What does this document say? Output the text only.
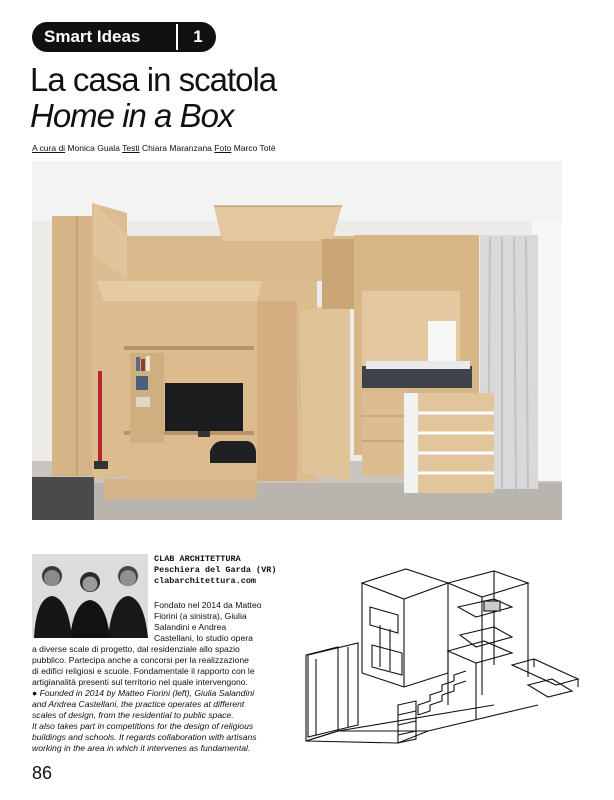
Smart Ideas	1
La casa in scatola
Home in a Box
A cura di Monica Guala Testi Chiara Maranzana Foto Marco Totè
CLAB ARCHITETTURA
Peschiera del Garda (VR)
clabarchitettura.com
Fondato nel 2014 da Matteo
Fiorini (a sinistra), Giulia
Salandini e Andrea
Castellani, lo studio opera
a diverse scale di progetto, dal residenziale allo spazio
pubblico. Partecipa anche a concorsi per la realizzazione
di edifici religiosi e scuole. Fondamentale il rapporto con le
artigianalità presenti sul territorio nel quale intervengono.
● Founded in 2014 by Matteo Fiorini (left), Giulia Salandini
and Andrea Castellani, the practice operates at different
scales of design, from the residential to public space.
It also takes part in competitions for the design of religious
buildings and schools. It regards collaboration with artisans
working in the area in which it intervenes as fundamental.
86
